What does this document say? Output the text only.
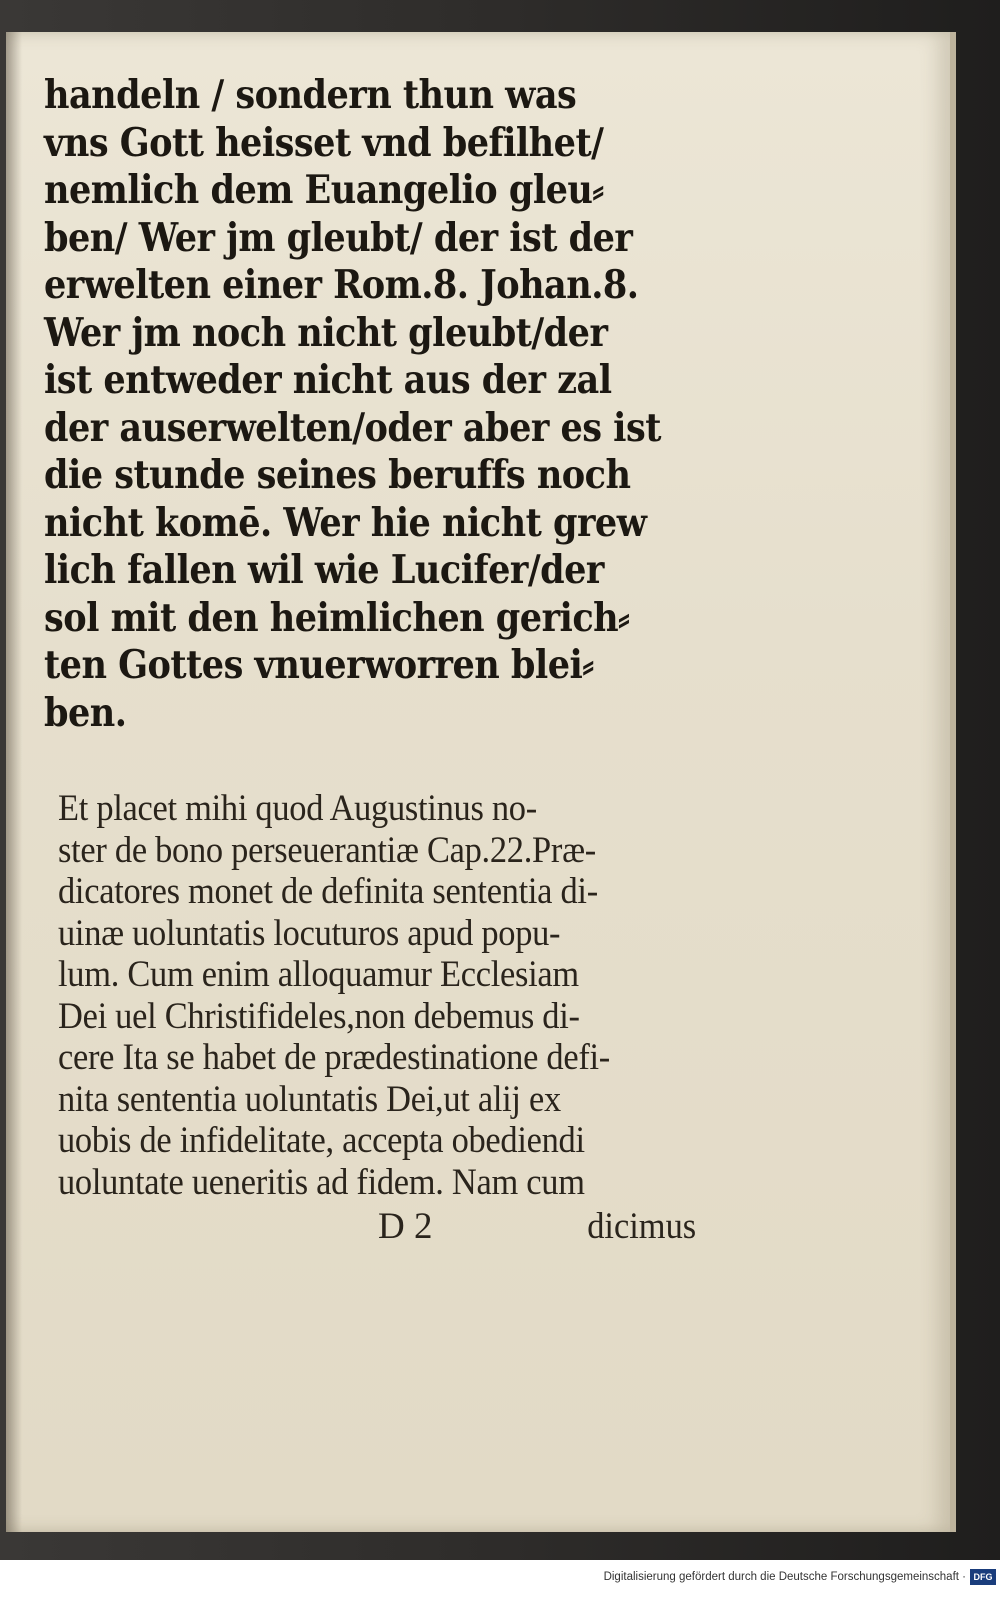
handeln / sondern thun was
vns Gott heisset vnd befilhet/
nemlich dem Euangelio gleu⸗
ben/ Wer jm gleubt/ der ist der
erwelten einer Rom.8. Johan.8.
Wer jm noch nicht gleubt/der
ist entweder nicht aus der zal
der auserwelten/oder aber es ist
die stunde seines beruffs noch
nicht komē. Wer hie nicht grew
lich fallen wil wie Lucifer/der
sol mit den heimlichen gerich⸗
ten Gottes vnuerworren blei⸗
ben.
Et placet mihi quod Augustinus no-
ster de bono perseuerantiæ Cap.22.Præ-
dicatores monet de definita sententia di-
uinæ uoluntatis locuturos apud popu-
lum. Cum enim alloquamur Ecclesiam
Dei uel Christifideles,non debemus di-
cere Ita se habet de prædestinatione defi-
nita sententia uoluntatis Dei,ut alij ex
uobis de infidelitate, accepta obediendi
uoluntate ueneritis ad fidem. Nam cum
D 2	dicimus
Digitalisierung gefördert durch die Deutsche Forschungsgemeinschaft · DFG
